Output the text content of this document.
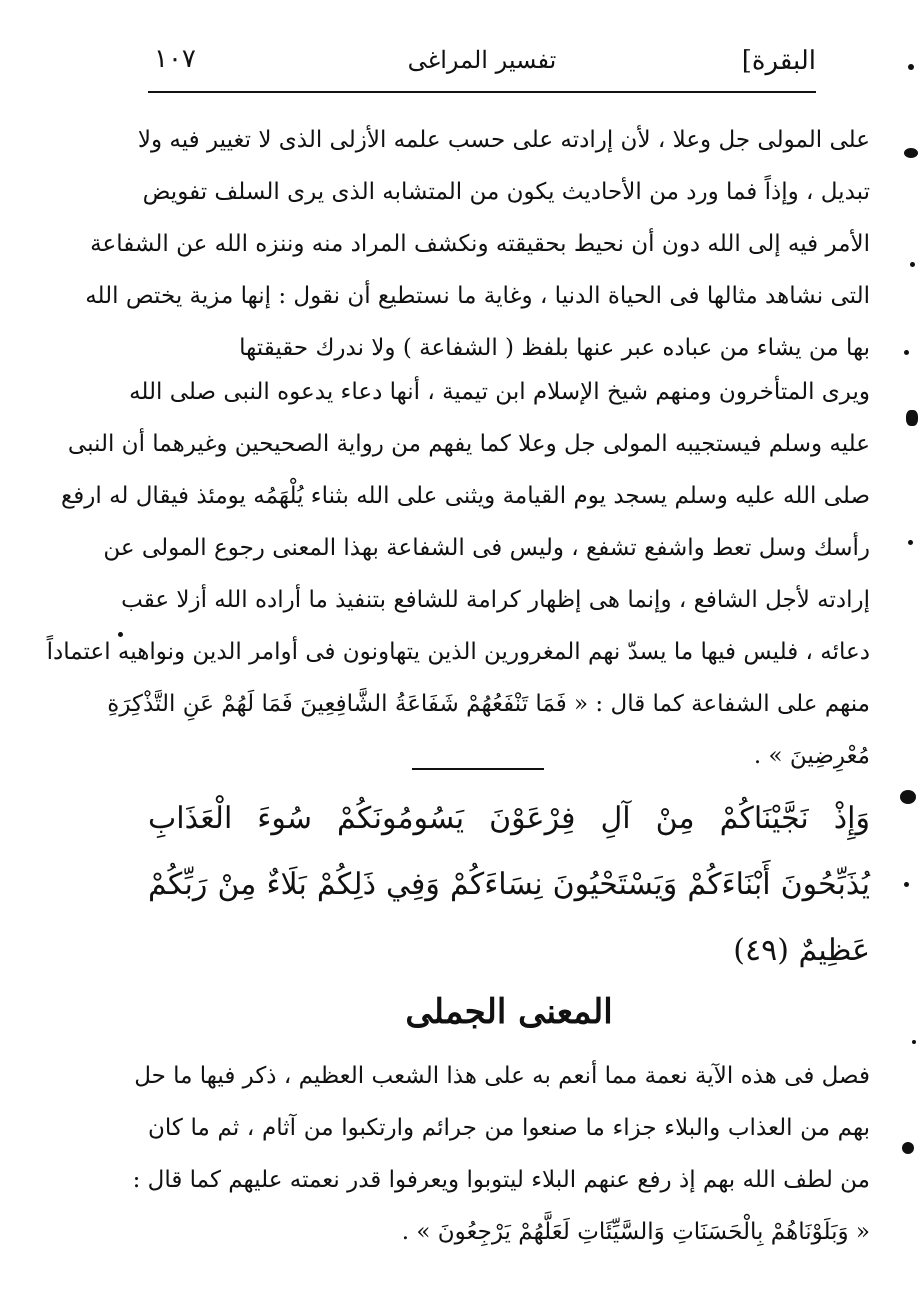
البقرة]
تفسير المراغى
١٠٧
على المولى جل وعلا ، لأن إرادته على حسب علمه الأزلى الذى لا تغيير فيه ولا
تبديل ، وإذاً فما ورد من الأحاديث يكون من المتشابه الذى يرى السلف تفويض
الأمر فيه إلى الله دون أن نحيط بحقيقته ونكشف المراد منه وننزه الله عن الشفاعة
التى نشاهد مثالها فى الحياة الدنيا ، وغاية ما نستطيع أن نقول : إنها مزية يختص الله
بها من يشاء من عباده عبر عنها بلفظ ( الشفاعة ) ولا ندرك حقيقتها
ويرى المتأخرون ومنهم شيخ الإسلام ابن تيمية ، أنها دعاء يدعوه النبى صلى الله
عليه وسلم فيستجيبه المولى جل وعلا كما يفهم من رواية الصحيحين وغيرهما أن النبى
صلى الله عليه وسلم يسجد يوم القيامة ويثنى على الله بثناء يُلْهَمُه يومئذ فيقال له ارفع
رأسك وسل تعط واشفع تشفع ، وليس فى الشفاعة بهذا المعنى رجوع المولى عن
إرادته لأجل الشافع ، وإنما هى إظهار كرامة للشافع بتنفيذ ما أراده الله أزلا عقب
دعائه ، فليس فيها ما يسدّ نهم المغرورين الذين يتهاونون فى أوامر الدين ونواهيه اعتماداً
منهم على الشفاعة كما قال : « فَمَا تَنْفَعُهُمْ شَفَاعَةُ الشَّافِعِينَ فَمَا لَهُمْ عَنِ التَّذْكِرَةِ
مُعْرِضِينَ » .
وَإِذْ نَجَّيْنَاكُمْ مِنْ آلِ فِرْعَوْنَ يَسُومُونَكُمْ سُوءَ الْعَذَابِ
يُذَبِّحُونَ أَبْنَاءَكُمْ وَيَسْتَحْيُونَ نِسَاءَكُمْ وَفِي ذَلِكُمْ بَلَاءٌ مِنْ رَبِّكُمْ
عَظِيمٌ (٤٩)
المعنى الجملى
فصل فى هذه الآية نعمة مما أنعم به على هذا الشعب العظيم ، ذكر فيها ما حل
بهم من العذاب والبلاء جزاء ما صنعوا من جرائم وارتكبوا من آثام ، ثم ما كان
من لطف الله بهم إذ رفع عنهم البلاء ليتوبوا ويعرفوا قدر نعمته عليهم كما قال :
« وَبَلَوْنَاهُمْ بِالْحَسَنَاتِ وَالسَّيِّئَاتِ لَعَلَّهُمْ يَرْجِعُونَ » .
